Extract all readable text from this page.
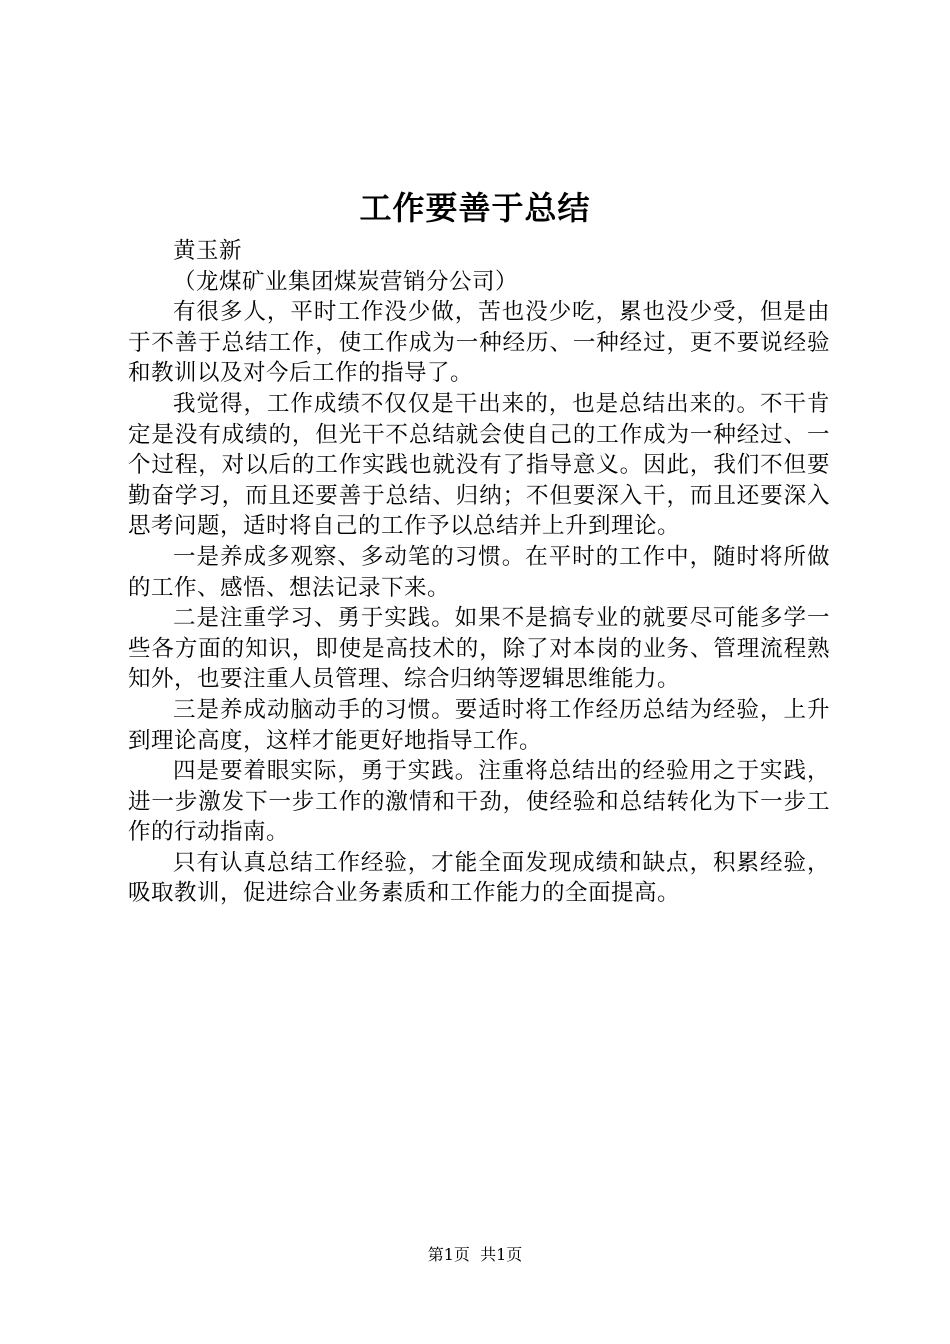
工作要善于总结

黄玉新

（龙煤矿业集团煤炭营销分公司）

有很多人，平时工作没少做，苦也没少吃，累也没少受，但是由于不善于总结工作，使工作成为一种经历、一种经过，更不要说经验和教训以及对今后工作的指导了。

我觉得，工作成绩不仅仅是干出来的，也是总结出来的。不干肯定是没有成绩的，但光干不总结就会使自己的工作成为一种经过、一个过程，对以后的工作实践也就没有了指导意义。因此，我们不但要勤奋学习，而且还要善于总结、归纳；不但要深入干，而且还要深入思考问题，适时将自己的工作予以总结并上升到理论。

一是养成多观察、多动笔的习惯。在平时的工作中，随时将所做的工作、感悟、想法记录下来。

二是注重学习、勇于实践。如果不是搞专业的就要尽可能多学一些各方面的知识，即使是高技术的，除了对本岗的业务、管理流程熟知外，也要注重人员管理、综合归纳等逻辑思维能力。

三是养成动脑动手的习惯。要适时将工作经历总结为经验，上升到理论高度，这样才能更好地指导工作。

四是要着眼实际，勇于实践。注重将总结出的经验用之于实践，进一步激发下一步工作的激情和干劲，使经验和总结转化为下一步工作的行动指南。

只有认真总结工作经验，才能全面发现成绩和缺点，积累经验，吸取教训，促进综合业务素质和工作能力的全面提高。

第1页 共1页
